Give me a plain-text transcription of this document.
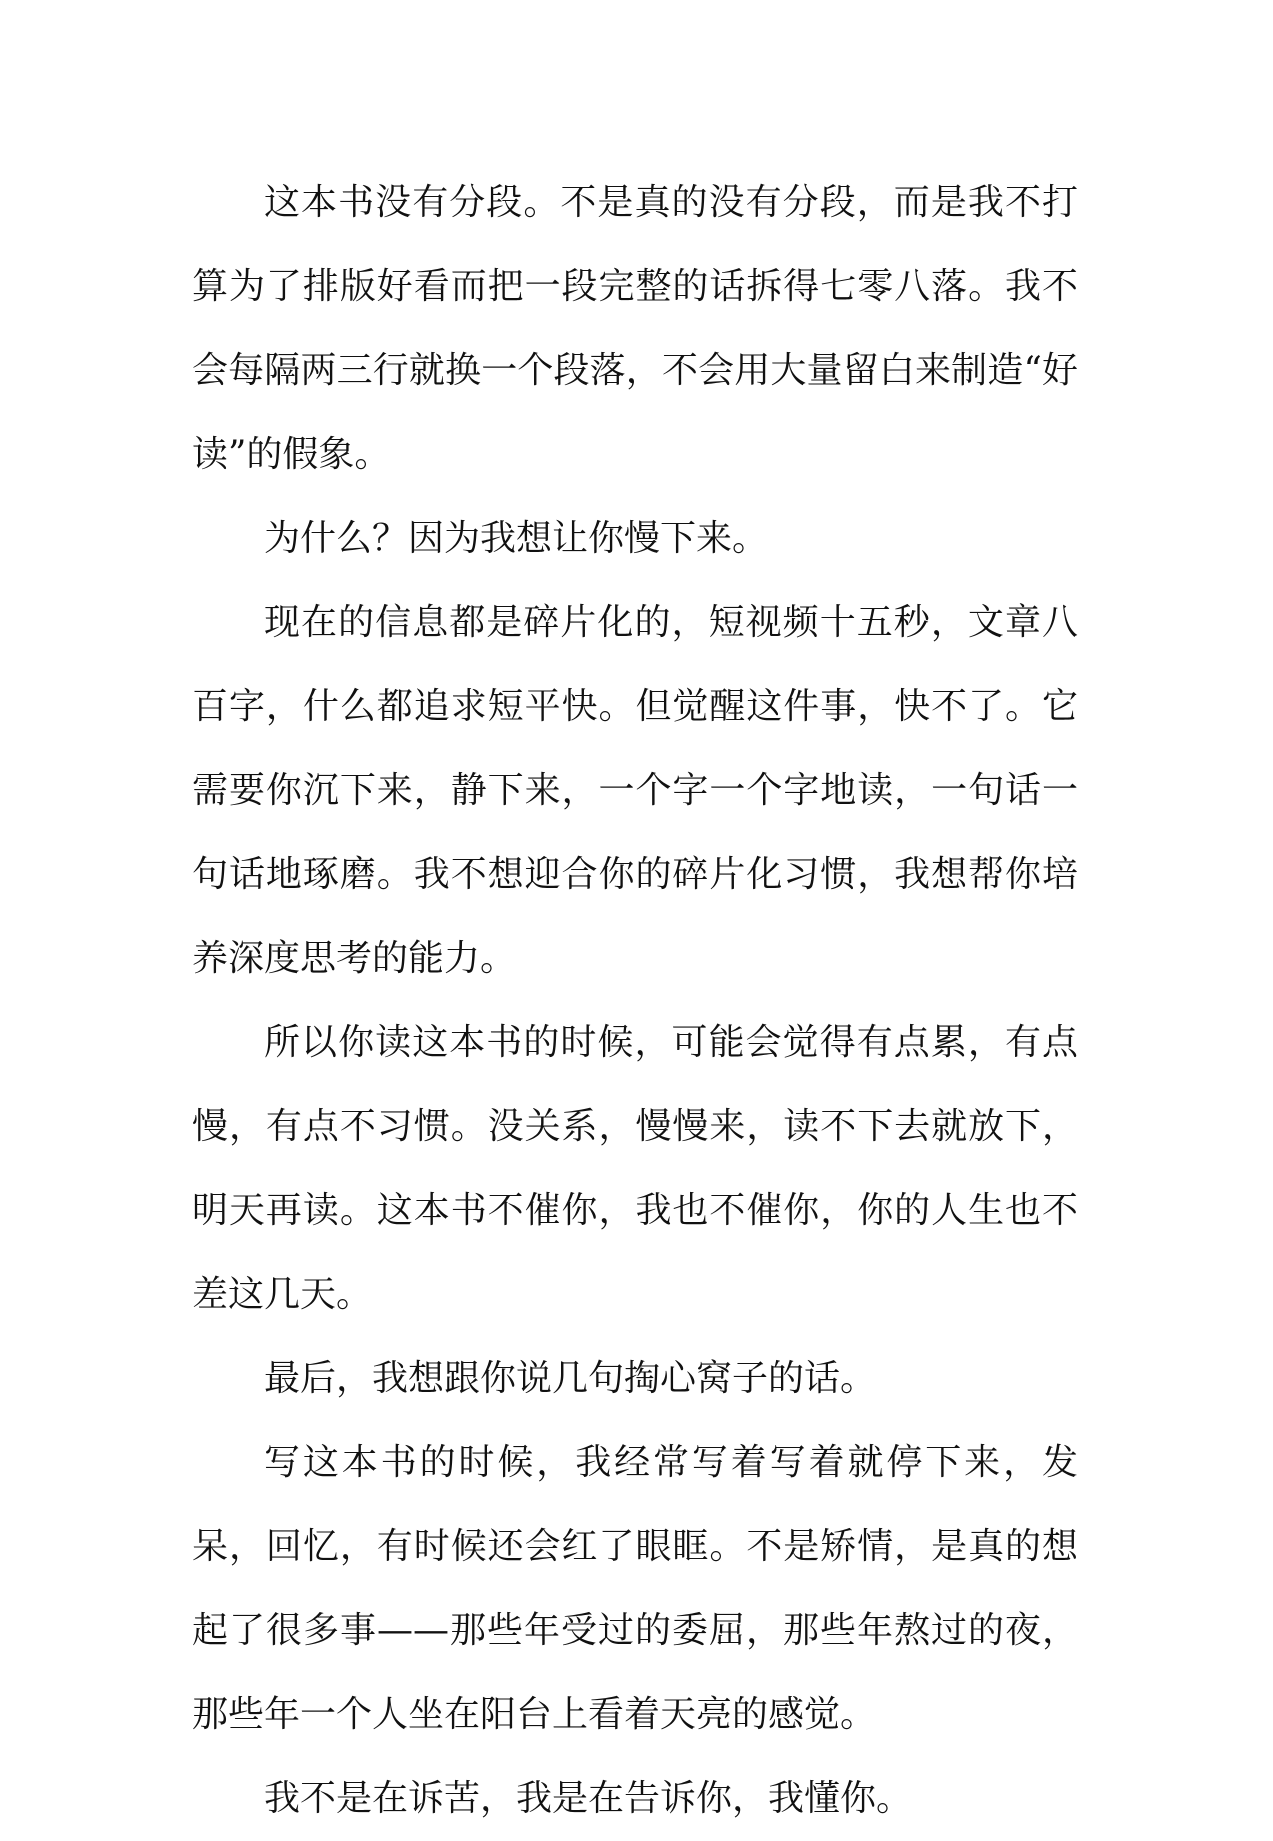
这本书没有分段。不是真的没有分段，而是我不打算为了排版好看而把一段完整的话拆得七零八落。我不会每隔两三行就换一个段落，不会用大量留白来制造“好读”的假象。

为什么？因为我想让你慢下来。

现在的信息都是碎片化的，短视频十五秒，文章八百字，什么都追求短平快。但觉醒这件事，快不了。它需要你沉下来，静下来，一个字一个字地读，一句话一句话地琢磨。我不想迎合你的碎片化习惯，我想帮你培养深度思考的能力。

所以你读这本书的时候，可能会觉得有点累，有点慢，有点不习惯。没关系，慢慢来，读不下去就放下，明天再读。这本书不催你，我也不催你，你的人生也不差这几天。

最后，我想跟你说几句掏心窝子的话。

写这本书的时候，我经常写着写着就停下来，发呆，回忆，有时候还会红了眼眶。不是矫情，是真的想起了很多事——那些年受过的委屈，那些年熬过的夜，那些年一个人坐在阳台上看着天亮的感觉。

我不是在诉苦，我是在告诉你，我懂你。
